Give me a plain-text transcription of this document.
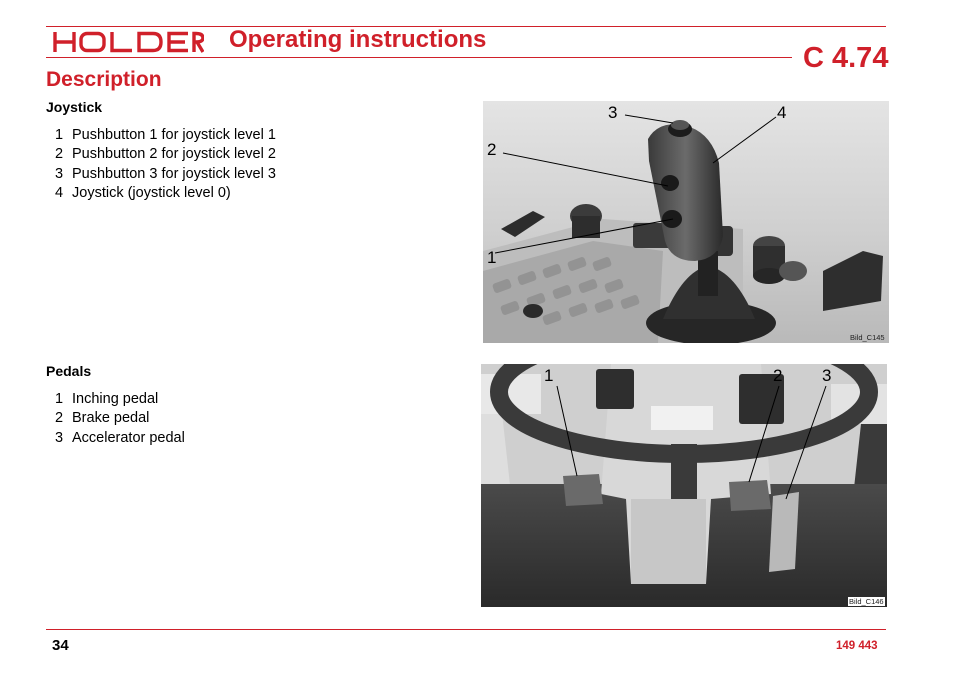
Operating instructions
C 4.74
Description
Joystick
1 Pushbutton 1 for joystick level 1
2 Pushbutton 2 for joystick level 2
3 Pushbutton 3 for joystick level 3
4 Joystick (joystick level 0)
3	4
2
1
Bild_C145
Pedals
1 Inching pedal
2 Brake pedal
3 Accelerator pedal
1	2 3
Bild_C146
34	149 443
